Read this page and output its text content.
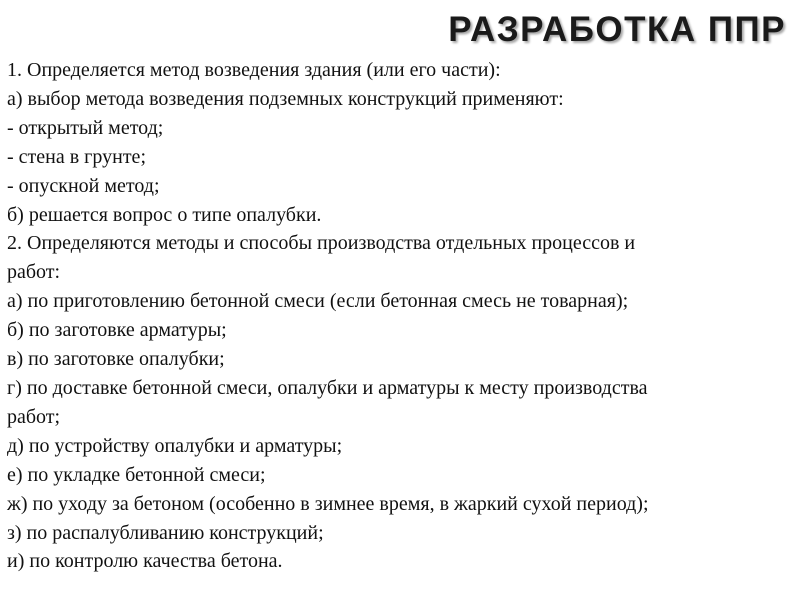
РАЗРАБОТКА ППР
1. Определяется метод возведения здания (или его части):
а) выбор метода возведения подземных конструкций применяют:
- открытый метод;
- стена в грунте;
- опускной метод;
б) решается вопрос о типе опалубки.
2. Определяются методы и способы производства отдельных процессов и
работ:
а) по приготовлению бетонной смеси (если бетонная смесь не товарная);
б) по заготовке арматуры;
в) по заготовке опалубки;
г) по доставке бетонной смеси, опалубки и арматуры к месту производства
работ;
д) по устройству опалубки и арматуры;
е) по укладке бетонной смеси;
ж) по уходу за бетоном (особенно в зимнее время, в жаркий сухой период);
з) по распалубливанию конструкций;
и) по контролю качества бетона.
